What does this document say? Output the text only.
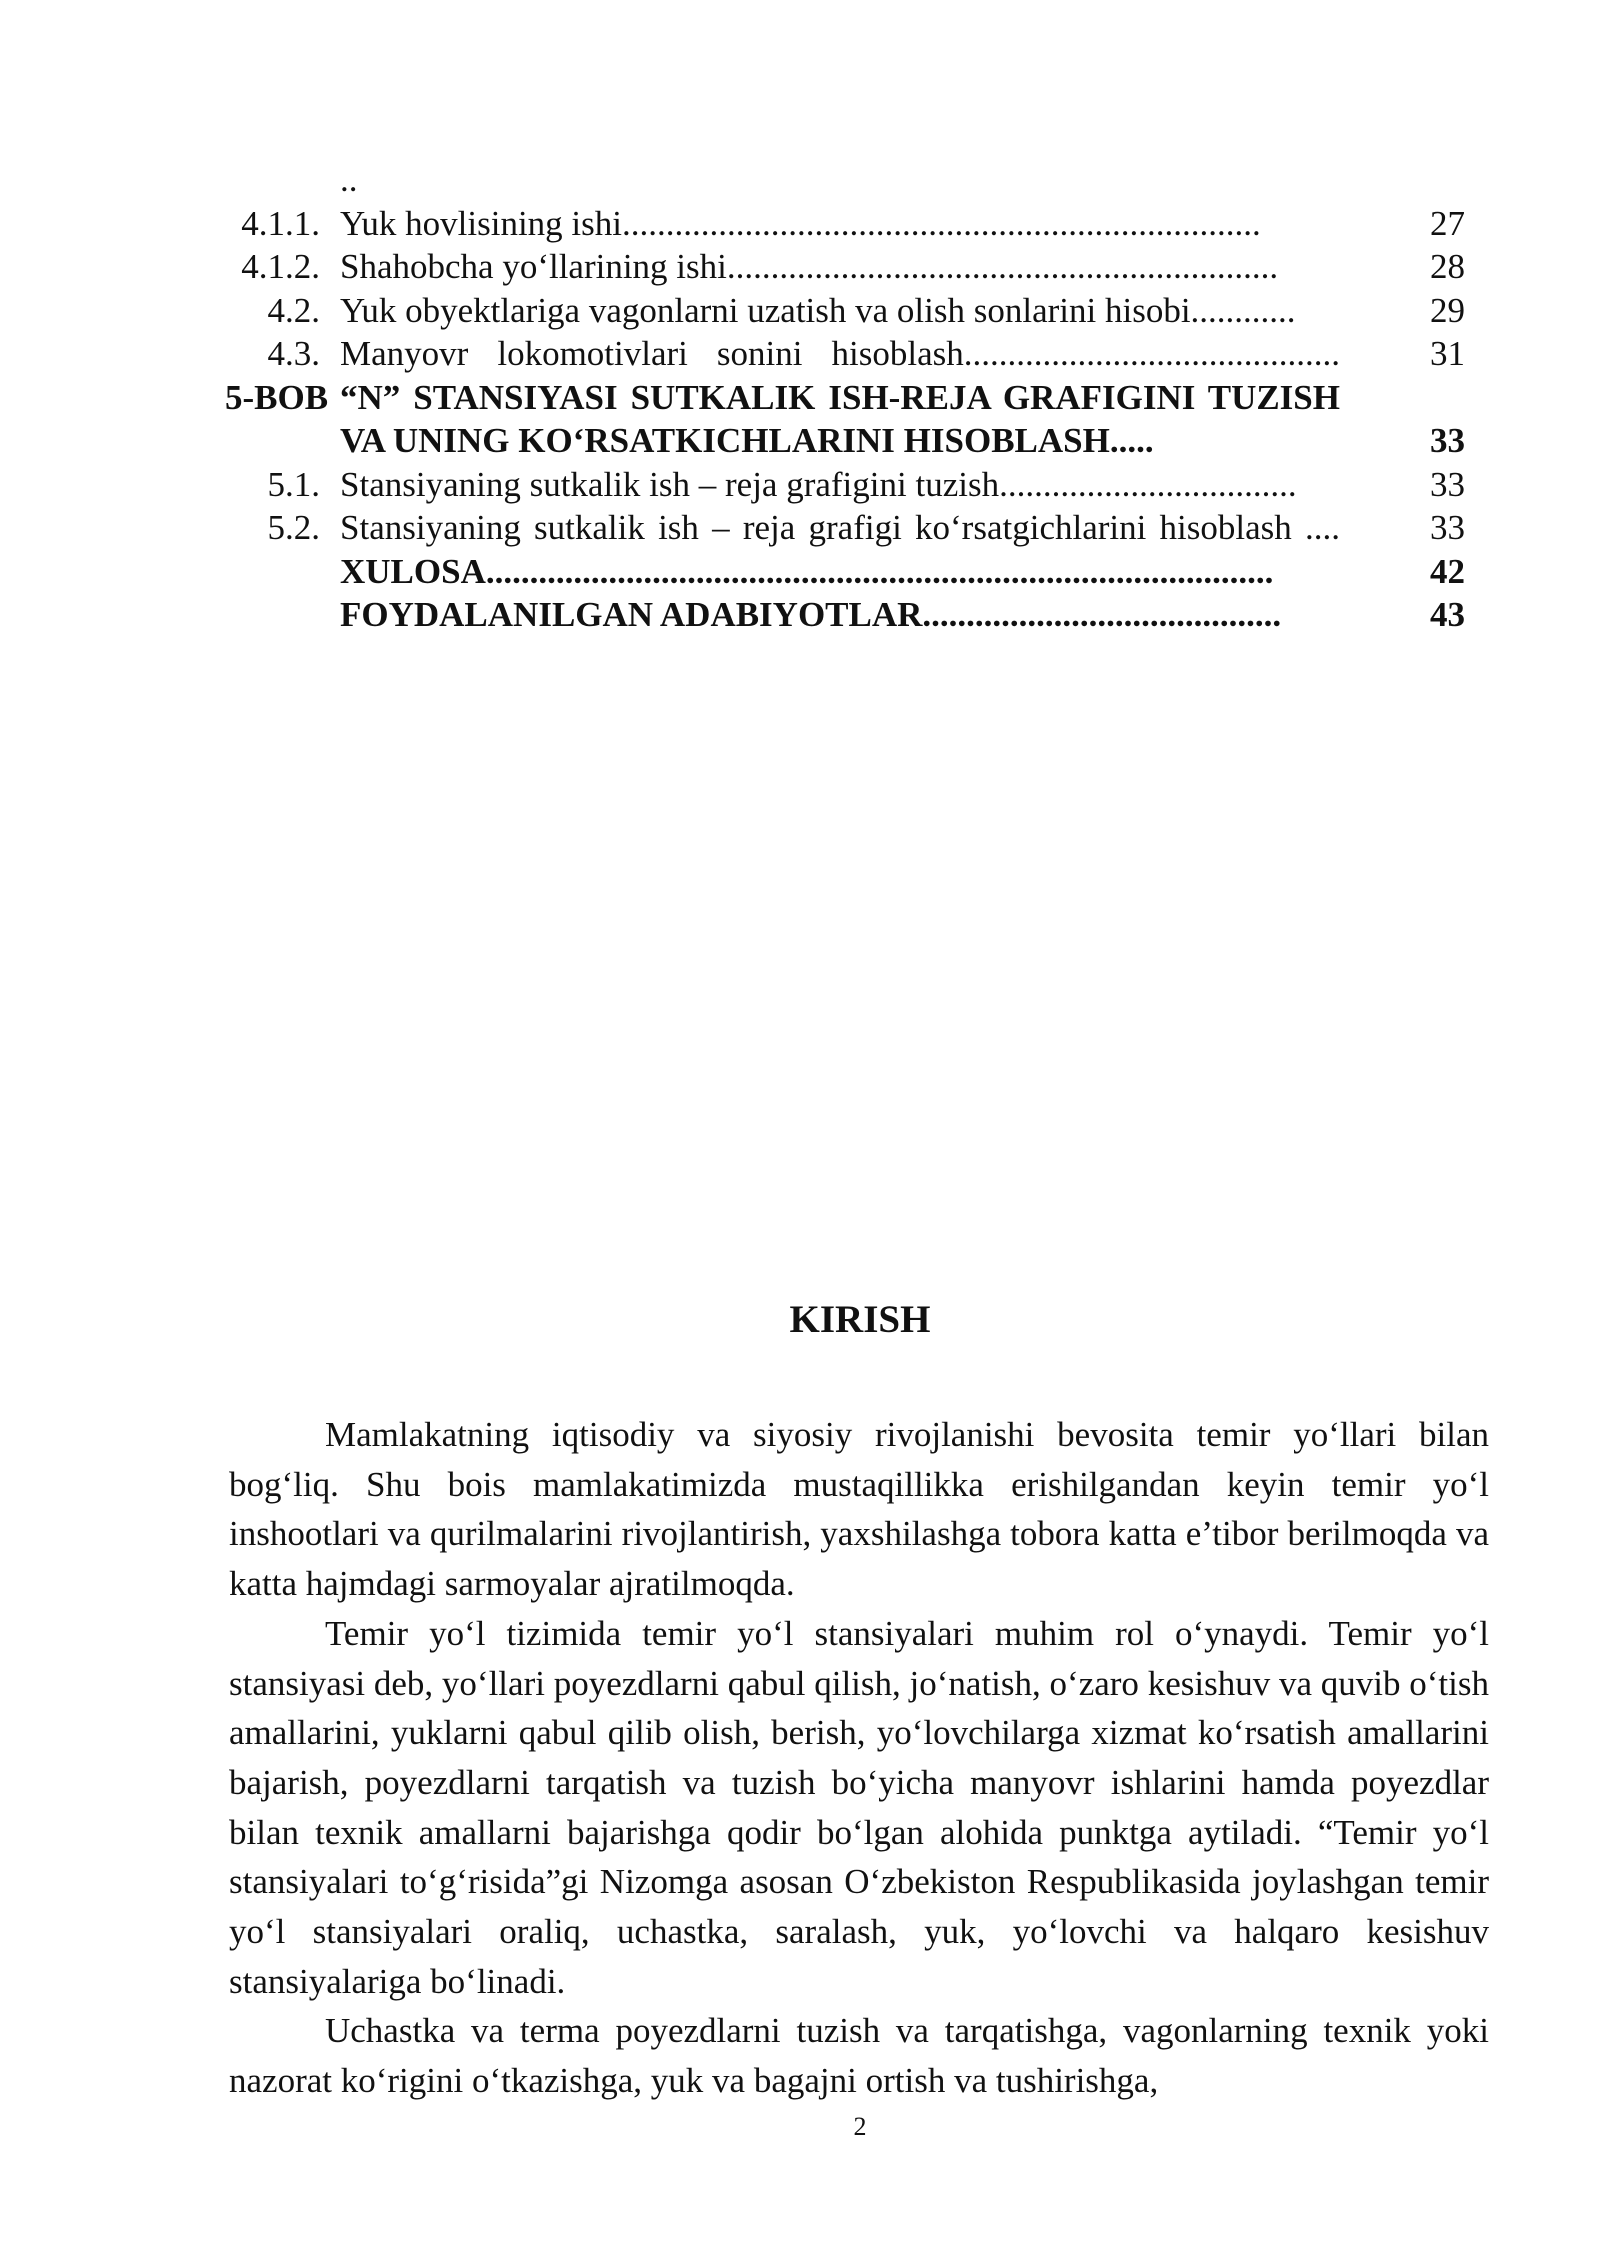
..
4.1.1. Yuk hovlisining ishi.........................................................................	27
4.1.2. Shahobcha yo‘llarining ishi...............................................................	28
4.2. Yuk obyektlariga vagonlarni uzatish va olish sonlarini hisobi............	29
4.3. Manyovr lokomotivlari sonini hisoblash...........................................	31
5-BOB “N” STANSIYASI SUTKALIK ISH-REJA GRAFIGINI TUZISH VA UNING KO‘RSATKICHLARINI HISOBLASH.....	33
5.1. Stansiyaning sutkalik ish – reja grafigini tuzish..................................	33
5.2. Stansiyaning sutkalik ish – reja grafigi ko‘rsatgichlarini hisoblash ....	33
XULOSA..........................................................................................	42
FOYDALANILGAN ADABIYOTLAR.........................................	43
KIRISH

Mamlakatning iqtisodiy va siyosiy rivojlanishi bevosita temir yo‘llari bilan bog‘liq. Shu bois mamlakatimizda mustaqillikka erishilgandan keyin temir yo‘l inshootlari va qurilmalarini rivojlantirish, yaxshilashga tobora katta e’tibor berilmoqda va katta hajmdagi sarmoyalar ajratilmoqda.

Temir yo‘l tizimida temir yo‘l stansiyalari muhim rol o‘ynaydi. Temir yo‘l stansiyasi deb, yo‘llari poyezdlarni qabul qilish, jo‘natish, o‘zaro kesishuv va quvib o‘tish amallarini, yuklarni qabul qilib olish, berish, yo‘lovchilarga xizmat ko‘rsatish amallarini bajarish, poyezdlarni tarqatish va tuzish bo‘yicha manyovr ishlarini hamda poyezdlar bilan texnik amallarni bajarishga qodir bo‘lgan alohida punktga aytiladi. “Temir yo‘l stansiyalari to‘g‘risida”gi Nizomga asosan O‘zbekiston Respublikasida joylashgan temir yo‘l stansiyalari oraliq, uchastka, saralash, yuk, yo‘lovchi va halqaro kesishuv stansiyalariga bo‘linadi.

Uchastka va terma poyezdlarni tuzish va tarqatishga, vagonlarning texnik yoki nazorat ko‘rigini o‘tkazishga, yuk va bagajni ortish va tushirishga,

2
